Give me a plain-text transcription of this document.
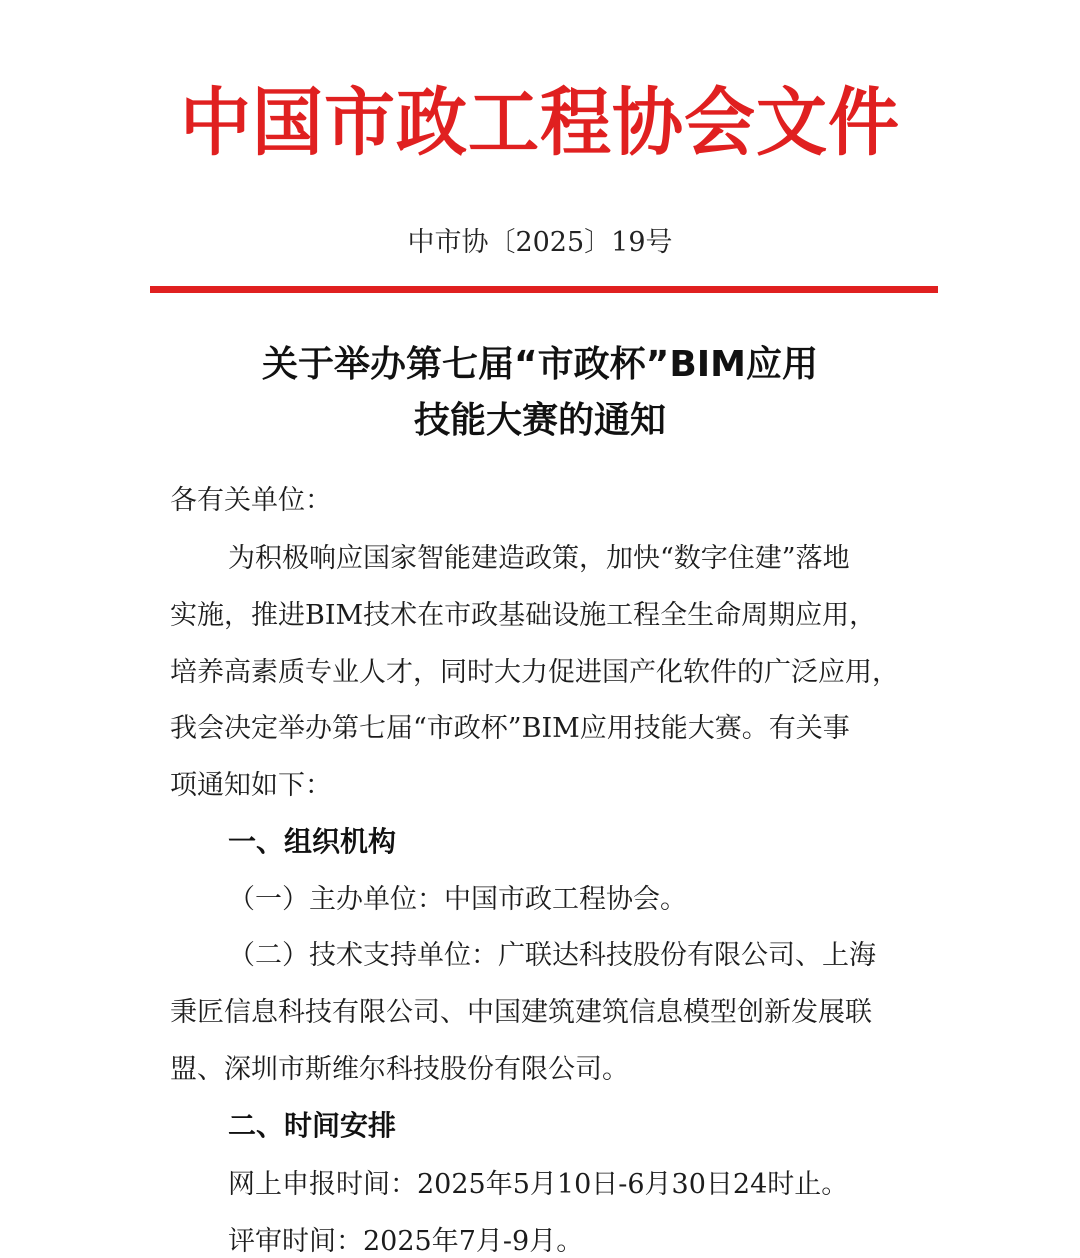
中国市政工程协会文件
中市协〔2025〕19号
关于举办第七届“市政杯”BIM应用
技能大赛的通知
各有关单位：
为积极响应国家智能建造政策，加快“数字住建”落地
实施，推进BIM技术在市政基础设施工程全生命周期应用，
培养高素质专业人才，同时大力促进国产化软件的广泛应用，
我会决定举办第七届“市政杯”BIM应用技能大赛。有关事
项通知如下：
一、组织机构
（一）主办单位：中国市政工程协会。
（二）技术支持单位：广联达科技股份有限公司、上海
秉匠信息科技有限公司、中国建筑建筑信息模型创新发展联
盟、深圳市斯维尔科技股份有限公司。
二、时间安排
网上申报时间：2025年5月10日-6月30日24时止。
评审时间：2025年7月-9月。
